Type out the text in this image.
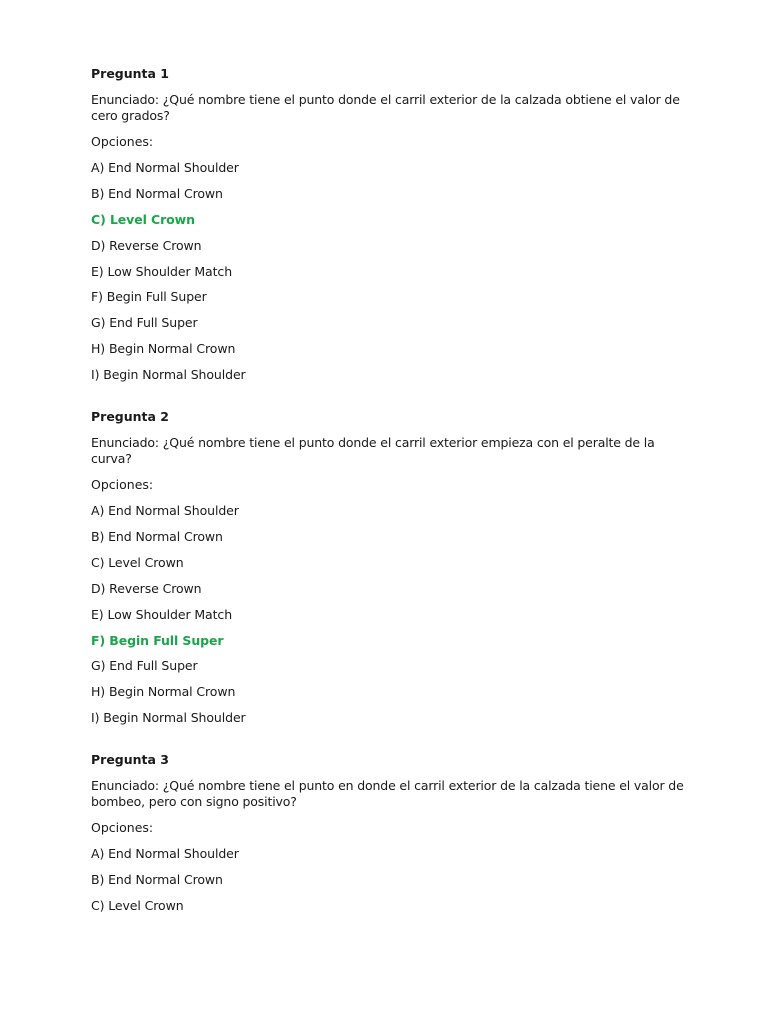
Pregunta 1
Enunciado: ¿Qué nombre tiene el punto donde el carril exterior de la calzada obtiene el valor de cero grados?
Opciones:
A) End Normal Shoulder
B) End Normal Crown
C) Level Crown
D) Reverse Crown
E) Low Shoulder Match
F) Begin Full Super
G) End Full Super
H) Begin Normal Crown
I) Begin Normal Shoulder
Pregunta 2
Enunciado: ¿Qué nombre tiene el punto donde el carril exterior empieza con el peralte de la curva?
Opciones:
A) End Normal Shoulder
B) End Normal Crown
C) Level Crown
D) Reverse Crown
E) Low Shoulder Match
F) Begin Full Super
G) End Full Super
H) Begin Normal Crown
I) Begin Normal Shoulder
Pregunta 3
Enunciado: ¿Qué nombre tiene el punto en donde el carril exterior de la calzada tiene el valor de bombeo, pero con signo positivo?
Opciones:
A) End Normal Shoulder
B) End Normal Crown
C) Level Crown
